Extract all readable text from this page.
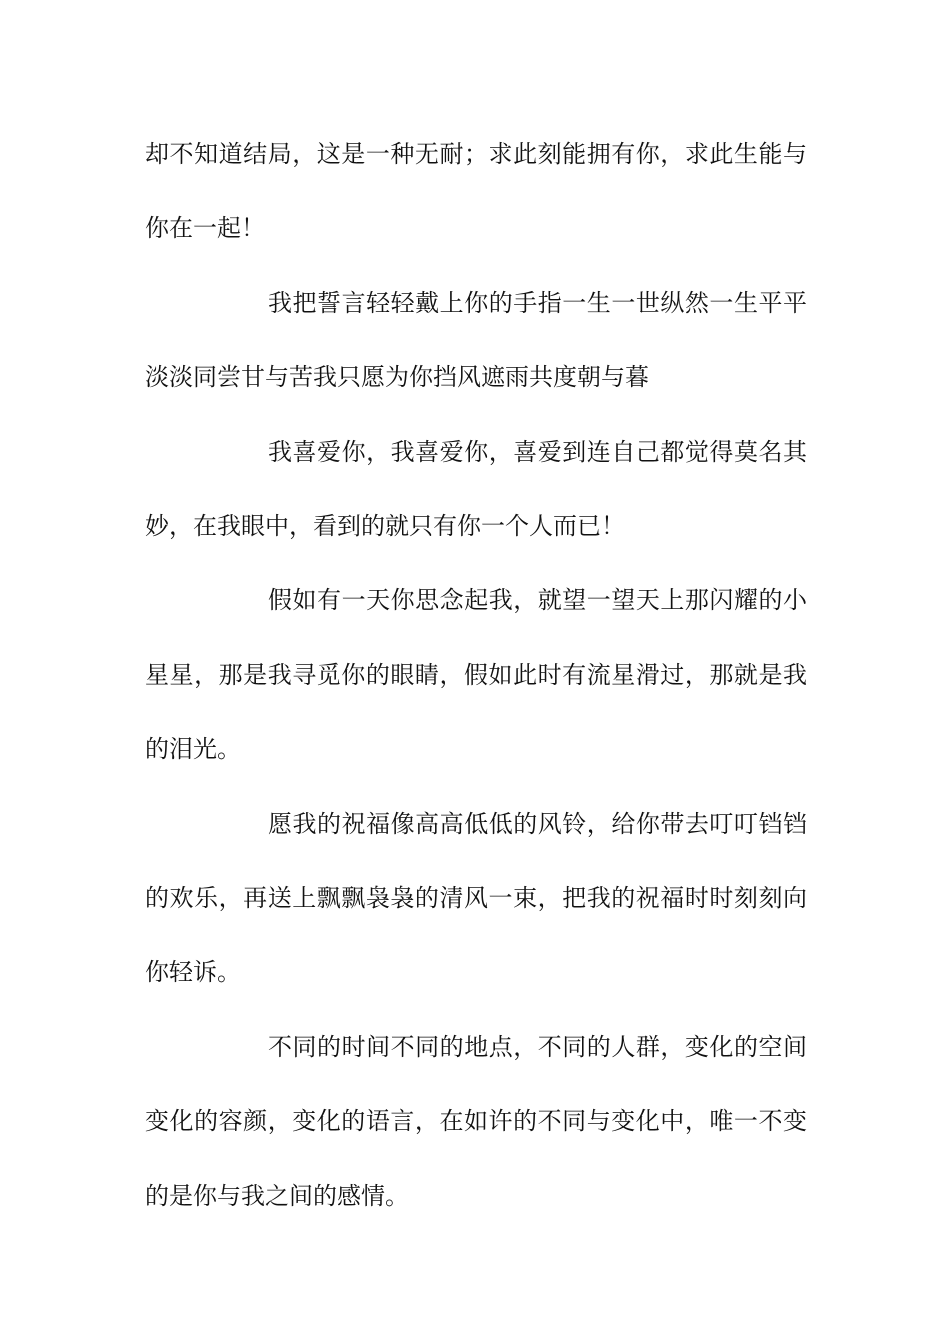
却不知道结局，这是一种无耐；求此刻能拥有你，求此生能与你在一起！

我把誓言轻轻戴上你的手指一生一世纵然一生平平淡淡同尝甘与苦我只愿为你挡风遮雨共度朝与暮

我喜爱你，我喜爱你，喜爱到连自己都觉得莫名其妙，在我眼中，看到的就只有你一个人而已！

假如有一天你思念起我，就望一望天上那闪耀的小星星，那是我寻觅你的眼睛，假如此时有流星滑过，那就是我的泪光。

愿我的祝福像高高低低的风铃，给你带去叮叮铛铛的欢乐，再送上飘飘袅袅的清风一束，把我的祝福时时刻刻向你轻诉。

不同的时间不同的地点，不同的人群，变化的空间变化的容颜，变化的语言，在如许的不同与变化中，唯一不变的是你与我之间的感情。
